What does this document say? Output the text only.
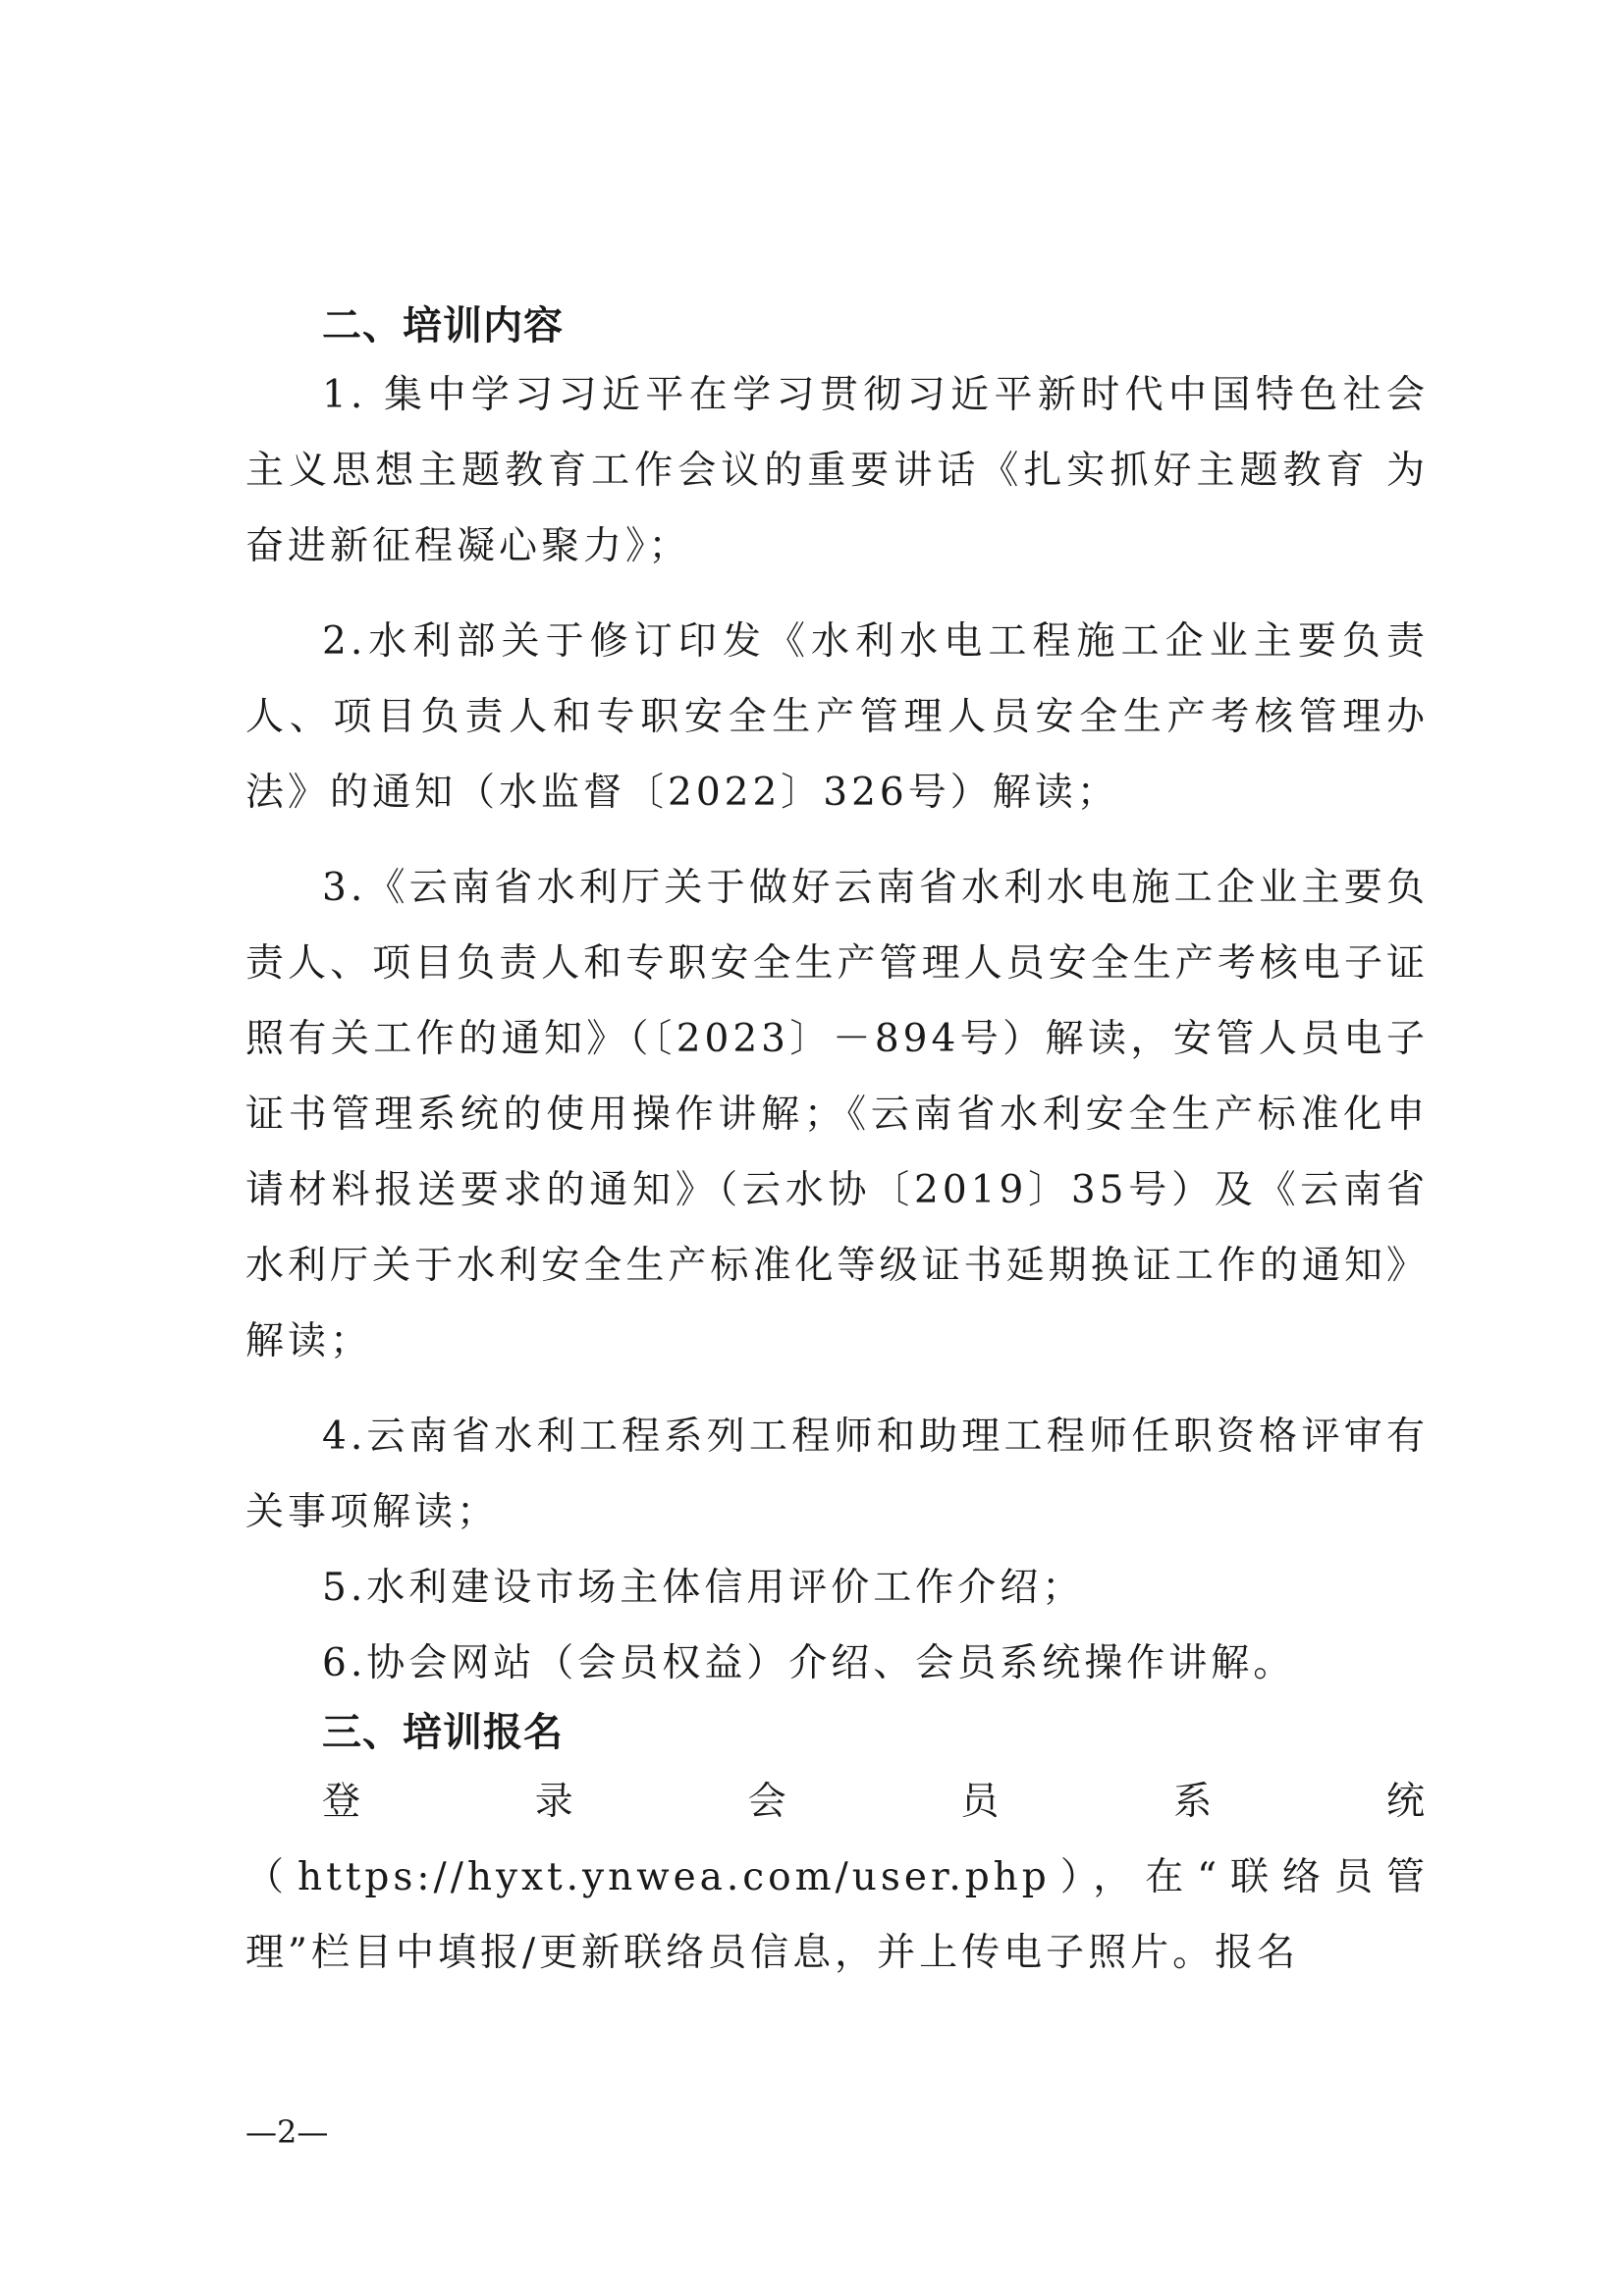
二、培训内容

1. 集中学习习近平在学习贯彻习近平新时代中国特色社会主义思想主题教育工作会议的重要讲话《扎实抓好主题教育 为奋进新征程凝心聚力》；

2.水利部关于修订印发《水利水电工程施工企业主要负责人、项目负责人和专职安全生产管理人员安全生产考核管理办法》的通知（水监督〔2022〕326号）解读；

3.《云南省水利厅关于做好云南省水利水电施工企业主要负责人、项目负责人和专职安全生产管理人员安全生产考核电子证照有关工作的通知》（〔2023〕－894号）解读，安管人员电子证书管理系统的使用操作讲解；《云南省水利安全生产标准化申请材料报送要求的通知》（云水协〔2019〕35号）及《云南省水利厅关于水利安全生产标准化等级证书延期换证工作的通知》解读；

4.云南省水利工程系列工程师和助理工程师任职资格评审有关事项解读；

5.水利建设市场主体信用评价工作介绍；

6.协会网站（会员权益）介绍、会员系统操作讲解。

三、培训报名

登录会员系统（https://hyxt.ynwea.com/user.php），在“联络员管理”栏目中填报/更新联络员信息，并上传电子照片。报名

—2—
